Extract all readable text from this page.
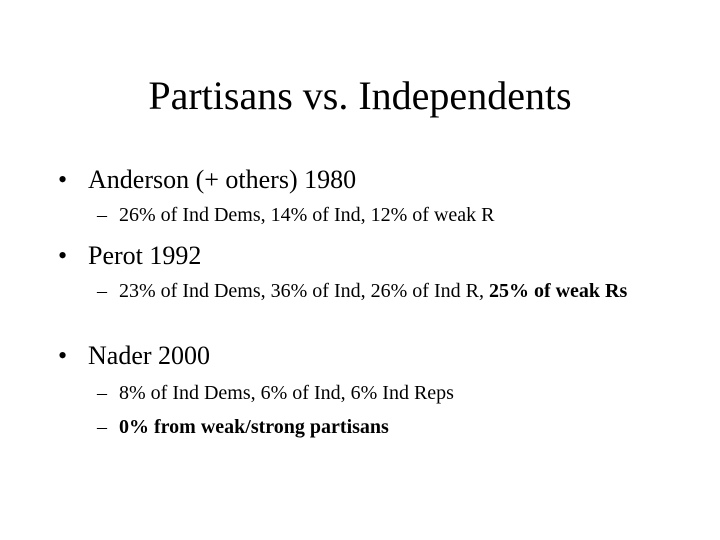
Partisans vs. Independents
• Anderson (+ others) 1980
– 26% of Ind Dems, 14% of Ind, 12% of weak R
• Perot 1992
– 23% of Ind Dems, 36% of Ind, 26% of Ind R, 25% of weak Rs
• Nader 2000
– 8% of Ind Dems, 6% of Ind, 6% Ind Reps
– 0% from weak/strong partisans
